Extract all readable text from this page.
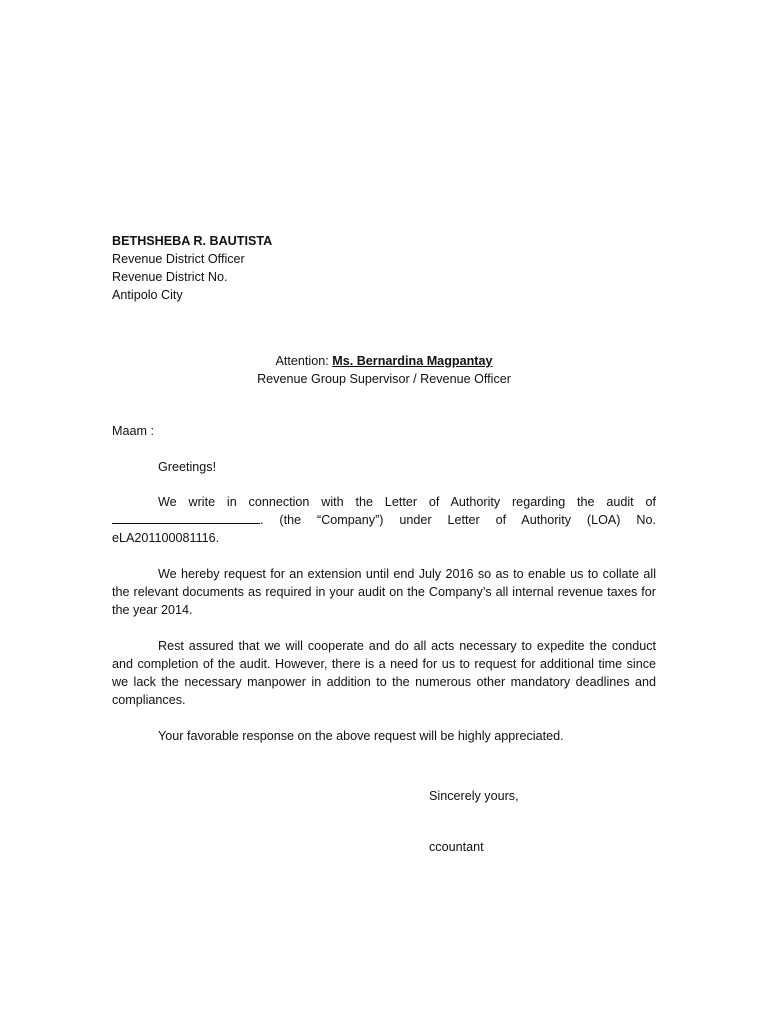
BETHSHEBA R. BAUTISTA
Revenue District Officer
Revenue District No.
Antipolo City
Attention: Ms. Bernardina Magpantay
Revenue Group Supervisor / Revenue Officer
Maam :

Greetings!

We write in connection with the Letter of Authority regarding the audit of
. (the “Company”) under Letter of Authority (LOA) No.
eLA201100081116.

We hereby request for an extension until end July 2016 so as to enable us to collate all the relevant documents as required in your audit on the Company’s all internal revenue taxes for the year 2014.

Rest assured that we will cooperate and do all acts necessary to expedite the conduct and completion of the audit. However, there is a need for us to request for additional time since we lack the necessary manpower in addition to the numerous other mandatory deadlines and compliances.

Your favorable response on the above request will be highly appreciated.

Sincerely yours,
ccountant
